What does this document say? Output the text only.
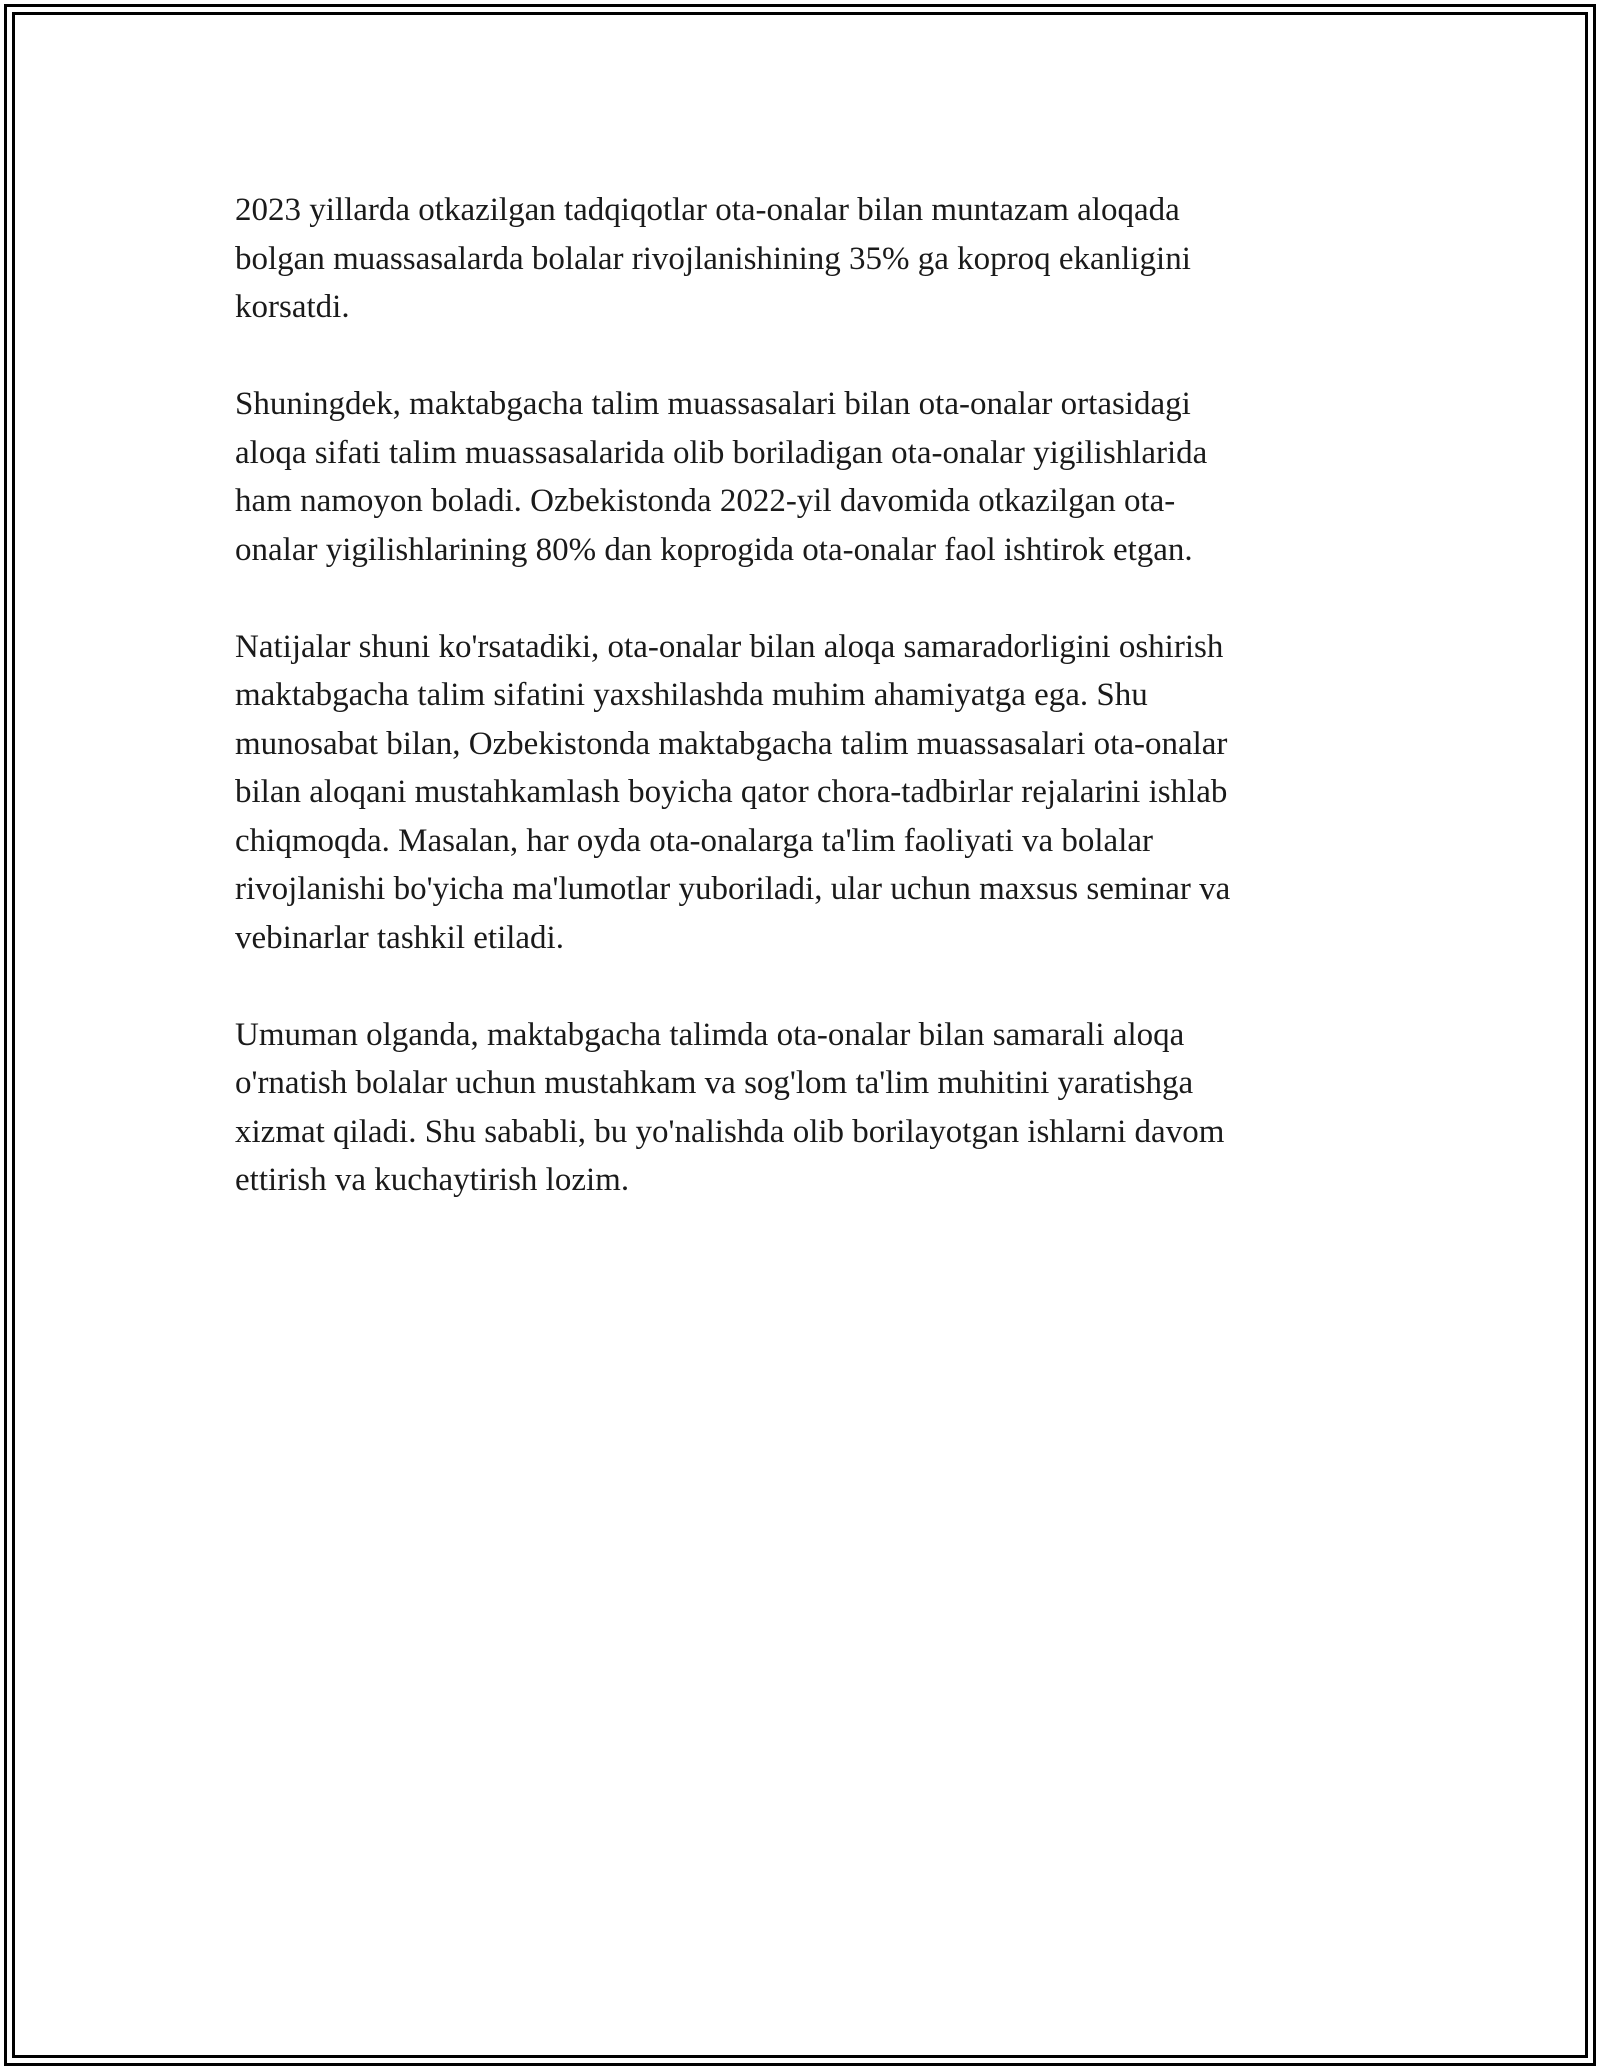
2023 yillarda otkazilgan tadqiqotlar ota-onalar bilan muntazam aloqada
bolgan muassasalarda bolalar rivojlanishining 35% ga koproq ekanligini
korsatdi.

Shuningdek, maktabgacha talim muassasalari bilan ota-onalar ortasidagi
aloqa sifati talim muassasalarida olib boriladigan ota-onalar yigilishlarida
ham namoyon boladi. Ozbekistonda 2022-yil davomida otkazilgan ota-
onalar yigilishlarining 80% dan koprogida ota-onalar faol ishtirok etgan.

Natijalar shuni ko'rsatadiki, ota-onalar bilan aloqa samaradorligini oshirish
maktabgacha talim sifatini yaxshilashda muhim ahamiyatga ega. Shu
munosabat bilan, Ozbekistonda maktabgacha talim muassasalari ota-onalar
bilan aloqani mustahkamlash boyicha qator chora-tadbirlar rejalarini ishlab
chiqmoqda. Masalan, har oyda ota-onalarga ta'lim faoliyati va bolalar
rivojlanishi bo'yicha ma'lumotlar yuboriladi, ular uchun maxsus seminar va
vebinarlar tashkil etiladi.

Umuman olganda, maktabgacha talimda ota-onalar bilan samarali aloqa
o'rnatish bolalar uchun mustahkam va sog'lom ta'lim muhitini yaratishga
xizmat qiladi. Shu sababli, bu yo'nalishda olib borilayotgan ishlarni davom
ettirish va kuchaytirish lozim.
